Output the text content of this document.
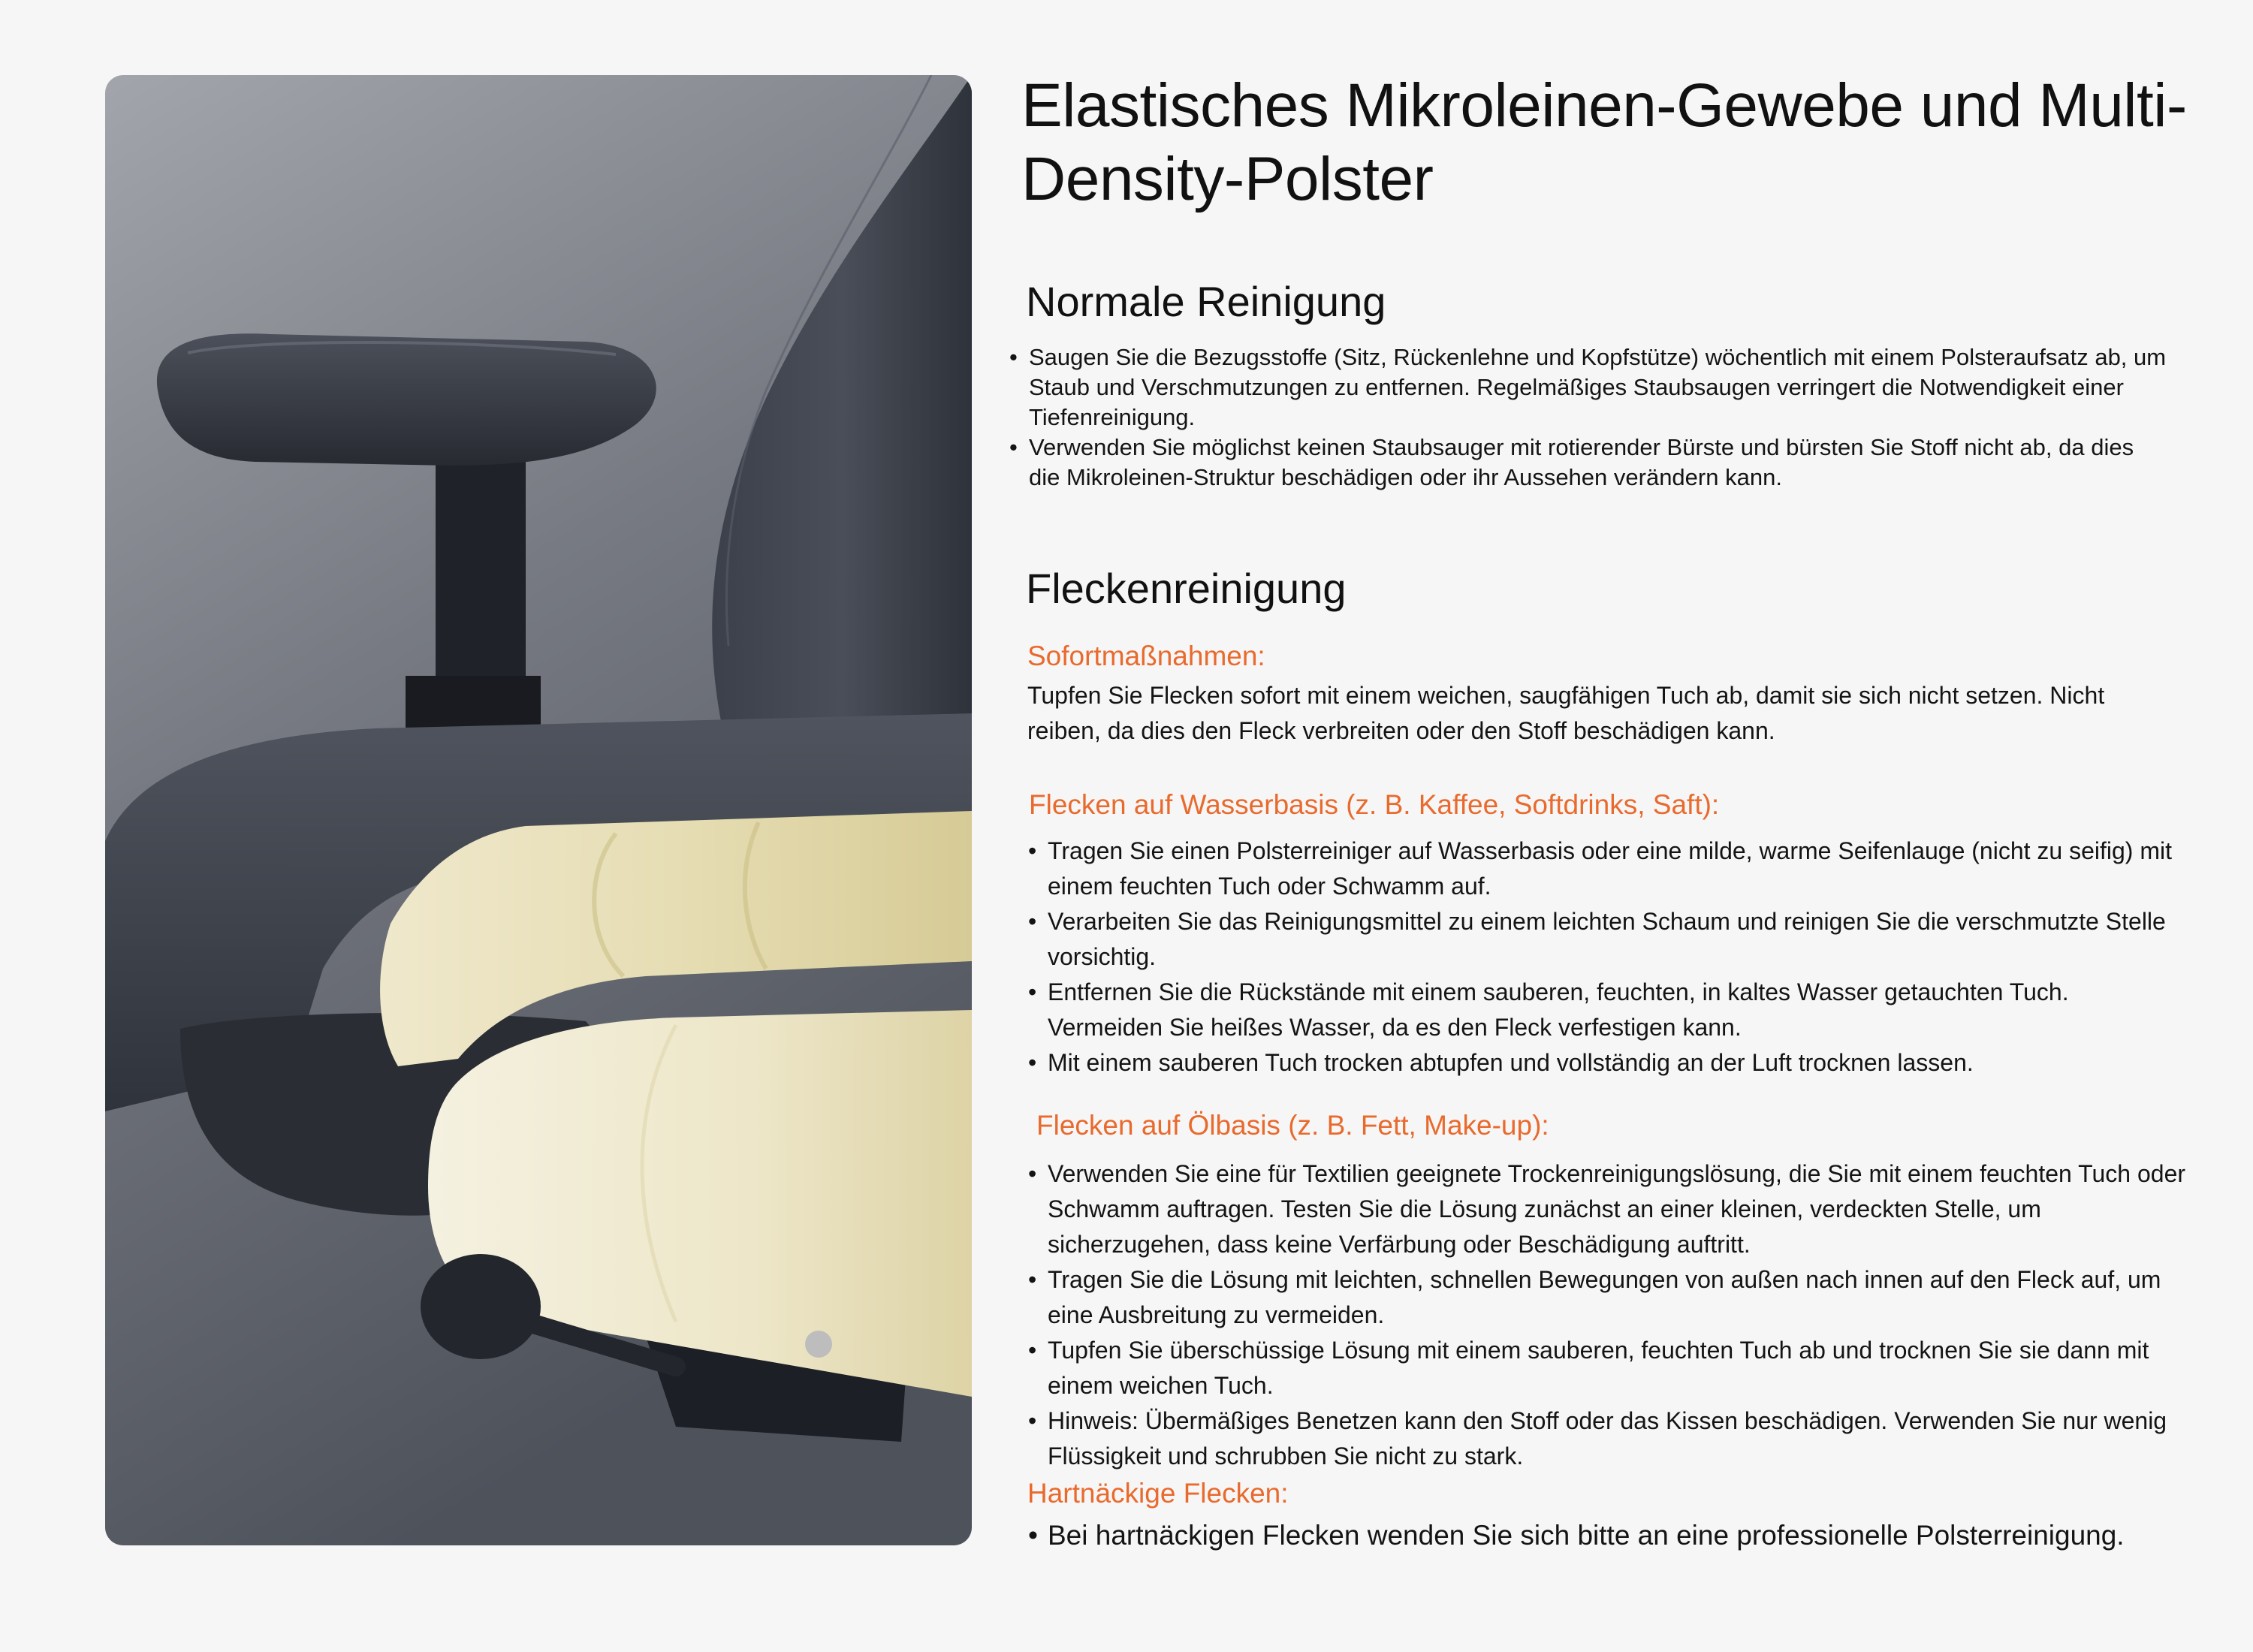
Elastisches Mikroleinen-Gewebe und Multi-Density-Polster
Normale Reinigung
• Saugen Sie die Bezugsstoffe (Sitz, Rückenlehne und Kopfstütze) wöchentlich mit einem Polsteraufsatz ab, um Staub und Verschmutzungen zu entfernen. Regelmäßiges Staubsaugen verringert die Notwendigkeit einer Tiefenreinigung.
• Verwenden Sie möglichst keinen Staubsauger mit rotierender Bürste und bürsten Sie Stoff nicht ab, da dies die Mikroleinen-Struktur beschädigen oder ihr Aussehen verändern kann.
Fleckenreinigung
Sofortmaßnahmen:

Tupfen Sie Flecken sofort mit einem weichen, saugfähigen Tuch ab, damit sie sich nicht setzen. Nicht reiben, da dies den Fleck verbreiten oder den Stoff beschädigen kann.

Flecken auf Wasserbasis (z. B. Kaffee, Softdrinks, Saft):
• Tragen Sie einen Polsterreiniger auf Wasserbasis oder eine milde, warme Seifenlauge (nicht zu seifig) mit einem feuchten Tuch oder Schwamm auf.
• Verarbeiten Sie das Reinigungsmittel zu einem leichten Schaum und reinigen Sie die verschmutzte Stelle vorsichtig.
• Entfernen Sie die Rückstände mit einem sauberen, feuchten, in kaltes Wasser getauchten Tuch. Vermeiden Sie heißes Wasser, da es den Fleck verfestigen kann.
• Mit einem sauberen Tuch trocken abtupfen und vollständig an der Luft trocknen lassen.
Flecken auf Ölbasis (z. B. Fett, Make-up):
• Verwenden Sie eine für Textilien geeignete Trockenreinigungslösung, die Sie mit einem feuchten Tuch oder Schwamm auftragen. Testen Sie die Lösung zunächst an einer kleinen, verdeckten Stelle, um sicherzugehen, dass keine Verfärbung oder Beschädigung auftritt.
• Tragen Sie die Lösung mit leichten, schnellen Bewegungen von außen nach innen auf den Fleck auf, um eine Ausbreitung zu vermeiden.
• Tupfen Sie überschüssige Lösung mit einem sauberen, feuchten Tuch ab und trocknen Sie sie dann mit einem weichen Tuch.
• Hinweis: Übermäßiges Benetzen kann den Stoff oder das Kissen beschädigen. Verwenden Sie nur wenig Flüssigkeit und schrubben Sie nicht zu stark.
Hartnäckige Flecken:
• Bei hartnäckigen Flecken wenden Sie sich bitte an eine professionelle Polsterreinigung.
